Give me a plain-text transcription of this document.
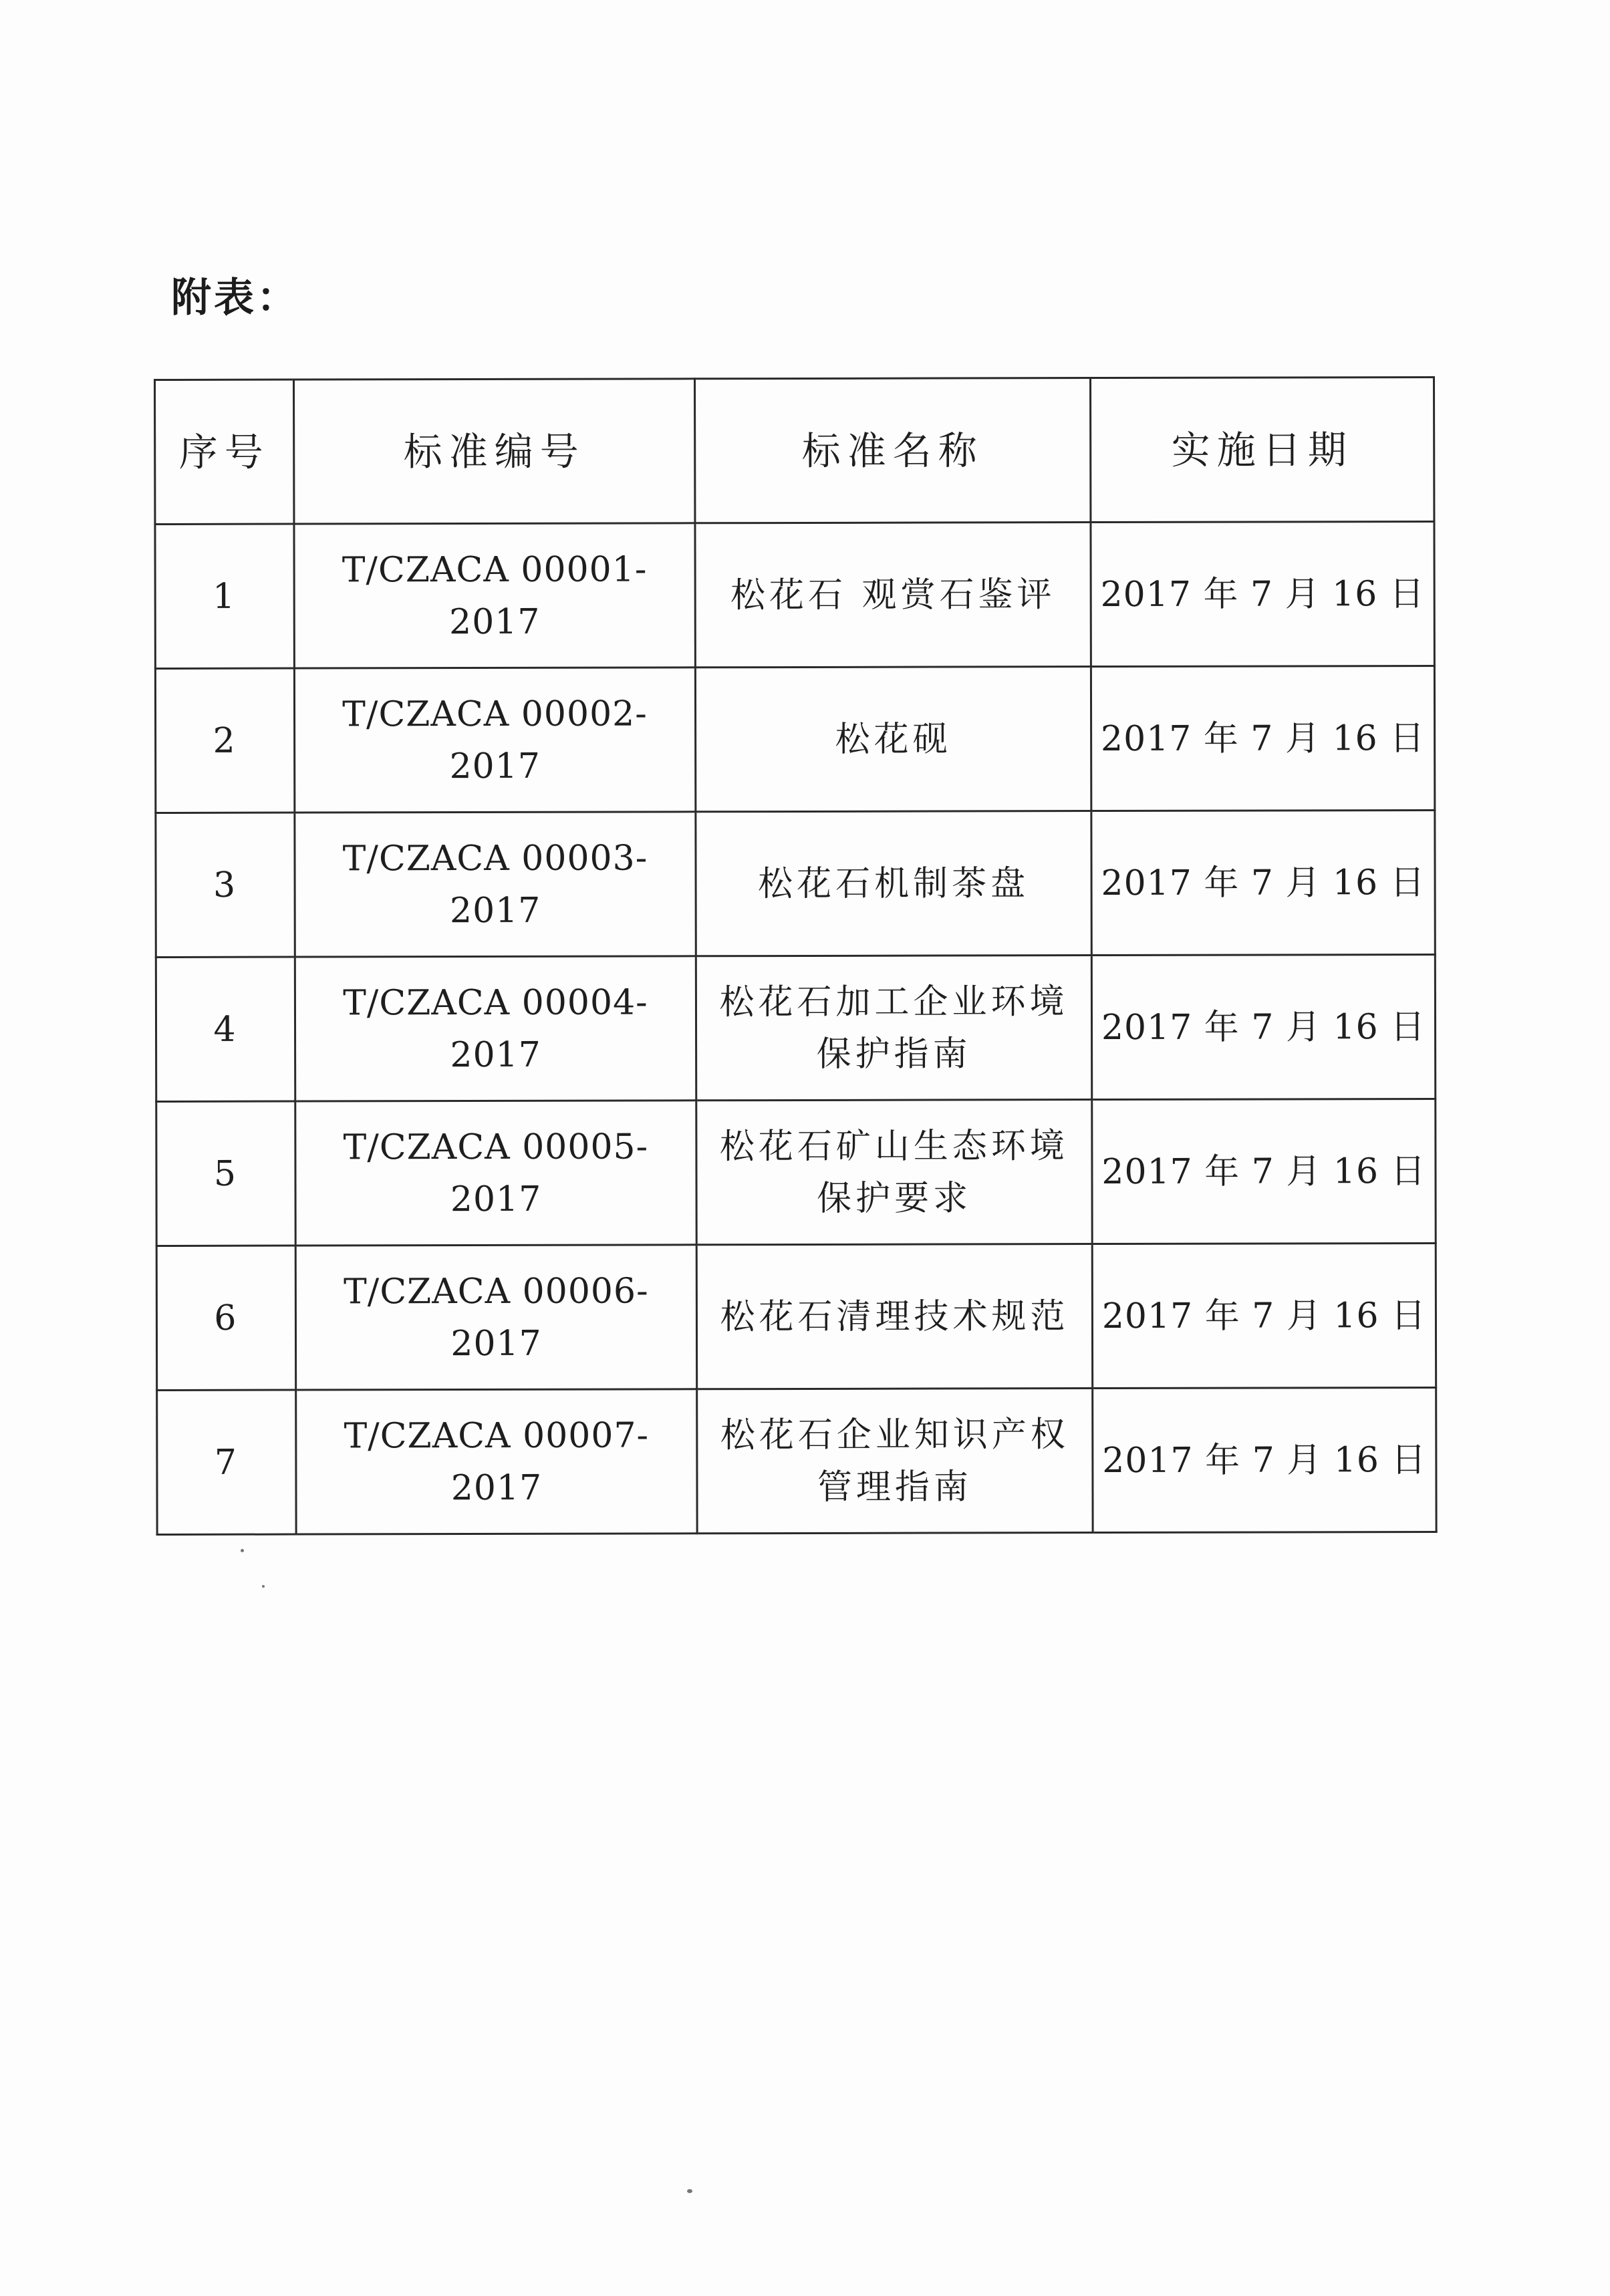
附表：
序号	标准编号	标准名称	实施日期
1	T/CZACA 00001-2017	松花石 观赏石鉴评	2017 年 7 月 16 日
2	T/CZACA 00002-2017	松花砚	2017 年 7 月 16 日
3	T/CZACA 00003-2017	松花石机制茶盘	2017 年 7 月 16 日
4	T/CZACA 00004-2017	松花石加工企业环境保护指南	2017 年 7 月 16 日
5	T/CZACA 00005-2017	松花石矿山生态环境保护要求	2017 年 7 月 16 日
6	T/CZACA 00006-2017	松花石清理技术规范	2017 年 7 月 16 日
7	T/CZACA 00007-2017	松花石企业知识产权管理指南	2017 年 7 月 16 日
